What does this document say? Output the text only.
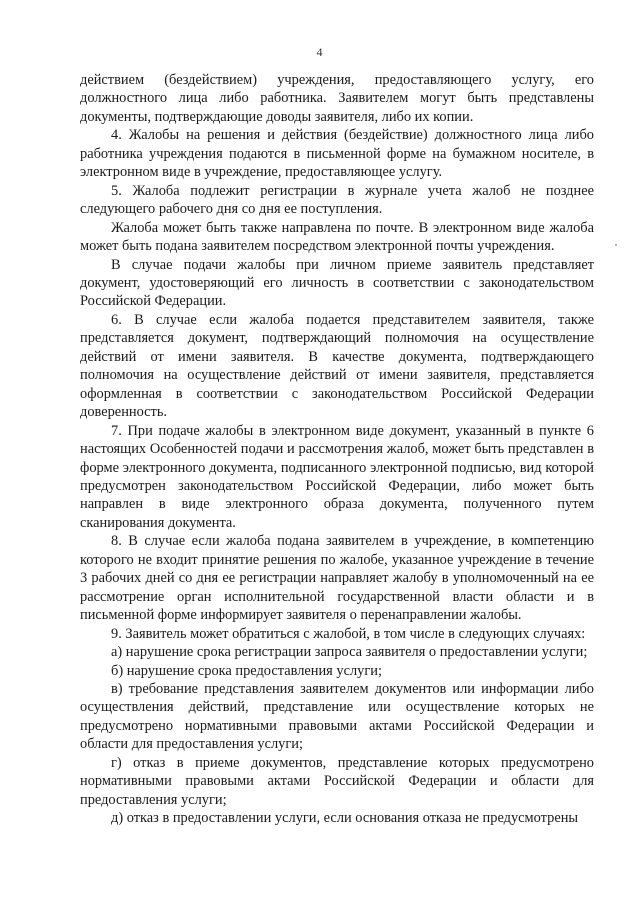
4

действием (бездействием) учреждения, предоставляющего услугу, его должностного лица либо работника. Заявителем могут быть представлены документы, подтверждающие доводы заявителя, либо их копии.

4. Жалобы на решения и действия (бездействие) должностного лица либо работника учреждения подаются в письменной форме на бумажном носителе, в электронном виде в учреждение, предоставляющее услугу.

5. Жалоба подлежит регистрации в журнале учета жалоб не позднее следующего рабочего дня со дня ее поступления.

Жалоба может быть также направлена по почте. В электронном виде жалоба может быть подана заявителем посредством электронной почты учреждения.

В случае подачи жалобы при личном приеме заявитель представляет документ, удостоверяющий его личность в соответствии с законодательством Российской Федерации.

6. В случае если жалоба подается представителем заявителя, также представляется документ, подтверждающий полномочия на осуществление действий от имени заявителя. В качестве документа, подтверждающего полномочия на осуществление действий от имени заявителя, представляется оформленная в соответствии с законодательством Российской Федерации доверенность.

7. При подаче жалобы в электронном виде документ, указанный в пункте 6 настоящих Особенностей подачи и рассмотрения жалоб, может быть представлен в форме электронного документа, подписанного электронной подписью, вид которой предусмотрен законодательством Российской Федерации, либо может быть направлен в виде электронного образа документа, полученного путем сканирования документа.

8. В случае если жалоба подана заявителем в учреждение, в компетенцию которого не входит принятие решения по жалобе, указанное учреждение в течение 3 рабочих дней со дня ее регистрации направляет жалобу в уполномоченный на ее рассмотрение орган исполнительной государственной власти области и в письменной форме информирует заявителя о перенаправлении жалобы.

9. Заявитель может обратиться с жалобой, в том числе в следующих случаях:

а) нарушение срока регистрации запроса заявителя о предоставлении услуги;

б) нарушение срока предоставления услуги;

в) требование представления заявителем документов или информации либо осуществления действий, представление или осуществление которых не предусмотрено нормативными правовыми актами Российской Федерации и области для предоставления услуги;

г) отказ в приеме документов, представление которых предусмотрено нормативными правовыми актами Российской Федерации и области для предоставления услуги;

д) отказ в предоставлении услуги, если основания отказа не предусмотрены
